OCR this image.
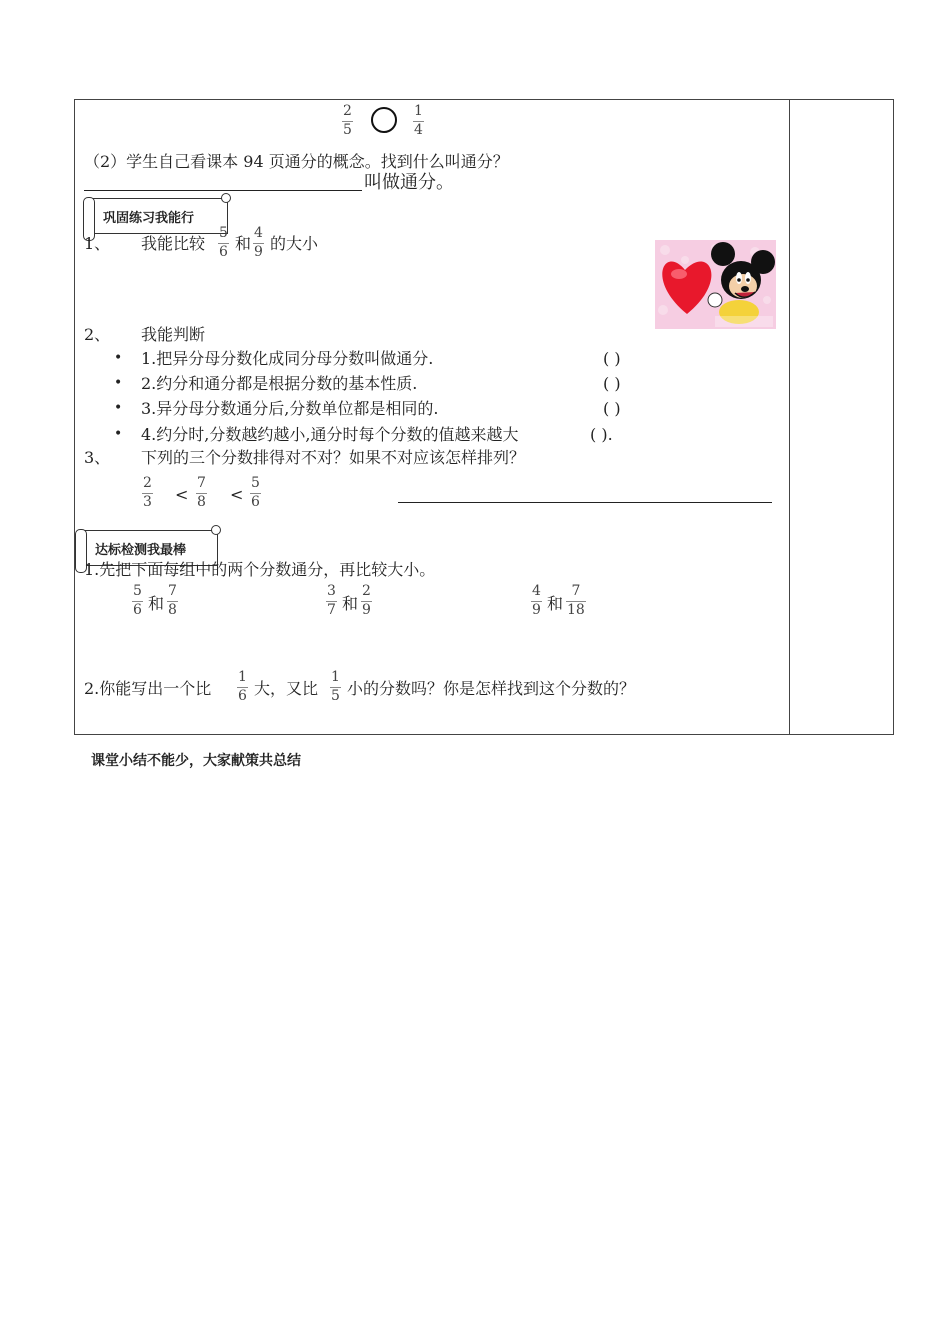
2
5
1
4
（2）学生自己看课本 94 页通分的概念。找到什么叫通分？
叫做通分。
巩固练习我能行
1、 我能比较
5
6 和
4
9 的大小
2、 我能判断
• 1.把异分母分数化成同分母分数叫做通分.	( )
• 2.约分和通分都是根据分数的基本性质.	( )
• 3.异分母分数通分后,分数单位都是相同的.	( )
• 4.约分时,分数越约越小,通分时每个分数的值越来越大	( ).
3、 下列的三个分数排得对不对？如果不对应该怎样排列？
2
3 <
7
8 <
5
6
达标检测我最棒
1.先把下面每组中的两个分数通分，再比较大小。
5
6 和
7
8
3
7 和
2
9
4
9 和
7
18
2.你能写出一个比
1
6 大，又比
1
5 小的分数吗？你是怎样找到这个分数的？
课堂小结不能少，大家献策共总结
